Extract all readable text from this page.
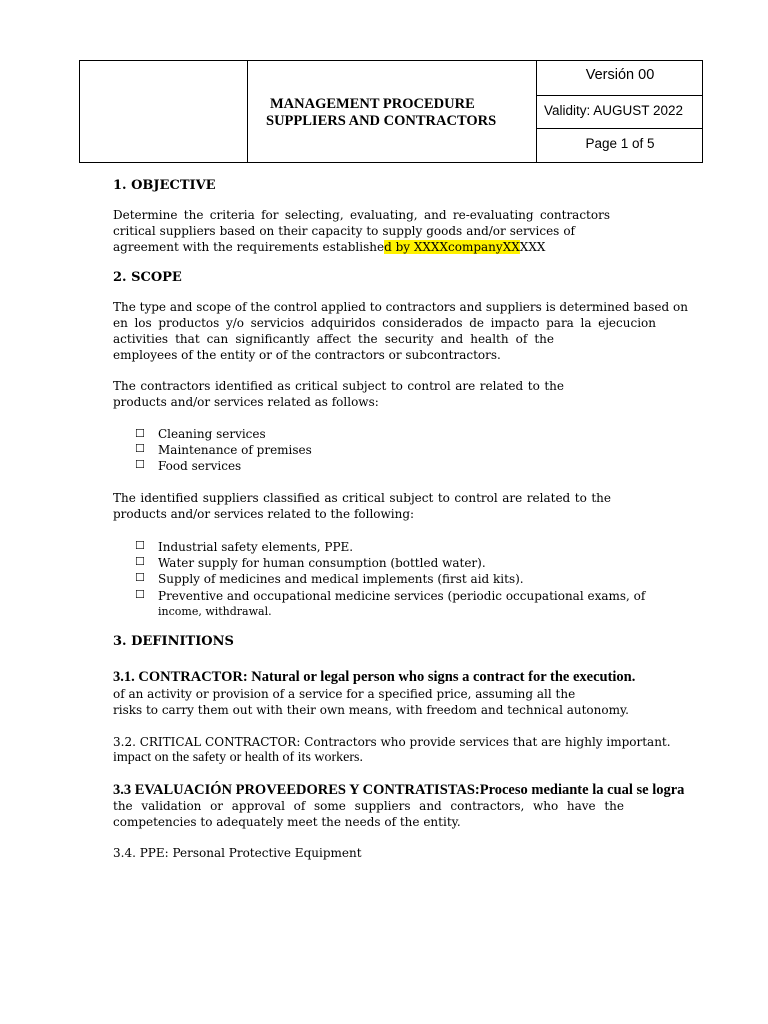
MANAGEMENT PROCEDURE
SUPPLIERS AND CONTRACTORS
Versión 00
Validity: AUGUST 2022
Page 1 of 5
1. OBJECTIVE
Determine the criteria for selecting, evaluating, and re-evaluating contractors
critical suppliers based on their capacity to supply goods and/or services of
agreement with the requirements established by XXXXcompanyXXXXX
2. SCOPE
The type and scope of the control applied to contractors and suppliers is determined based on
en los productos y/o servicios adquiridos considerados de impacto para la ejecucion
activities that can significantly affect the security and health of the
employees of the entity or of the contractors or subcontractors.
The contractors identified as critical subject to control are related to the
products and/or services related as follows:
☐ Cleaning services
☐ Maintenance of premises
☐ Food services
The identified suppliers classified as critical subject to control are related to the
products and/or services related to the following:
☐ Industrial safety elements, PPE.
☐ Water supply for human consumption (bottled water).
☐ Supply of medicines and medical implements (first aid kits).
☐ Preventive and occupational medicine services (periodic occupational exams, of
income, withdrawal.
3. DEFINITIONS
3.1. CONTRACTOR: Natural or legal person who signs a contract for the execution.
of an activity or provision of a service for a specified price, assuming all the
risks to carry them out with their own means, with freedom and technical autonomy.
3.2. CRITICAL CONTRACTOR: Contractors who provide services that are highly important.
impact on the safety or health of its workers.
3.3 EVALUACIÓN PROVEEDORES Y CONTRATISTAS:Proceso mediante la cual se logra
the validation or approval of some suppliers and contractors, who have the
competencies to adequately meet the needs of the entity.
3.4. PPE: Personal Protective Equipment
